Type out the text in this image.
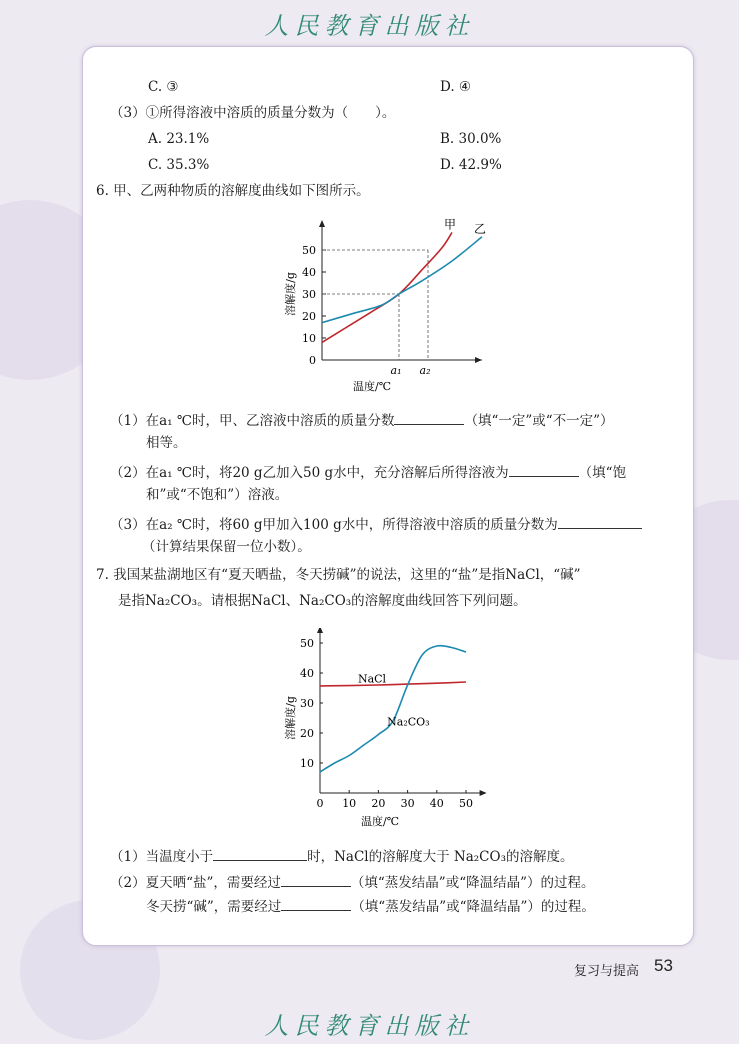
人民教育出版社
C. ③	D. ④
（3）①所得溶液中溶质的质量分数为（　　）。
A. 23.1%	B. 30.0%
C. 35.3%	D. 42.9%
6. 甲、乙两种物质的溶解度曲线如下图所示。
0
10
20
30
40
50
a₁ a₂
甲 乙
温度/℃
溶解度/g
（1）在a₁ ℃时，甲、乙溶液中溶质的质量分数	（填“一定”或“不一定”）
相等。
（2）在a₁ ℃时，将20 g乙加入50 g水中，充分溶解后所得溶液为	（填“饱
和”或“不饱和”）溶液。
（3）在a₂ ℃时，将60 g甲加入100 g水中，所得溶液中溶质的质量分数为
（计算结果保留一位小数）。
7. 我国某盐湖地区有“夏天晒盐，冬天捞碱”的说法，这里的“盐”是指NaCl，“碱”
是指Na₂CO₃。请根据NaCl、Na₂CO₃的溶解度曲线回答下列问题。
0 10 20 30 40 50
10
20
30
40
50
NaCl
Na₂CO₃
温度/℃
溶解度/g
（1）当温度小于	时，NaCl的溶解度大于 Na₂CO₃的溶解度。
（2）夏天晒“盐”，需要经过	（填“蒸发结晶”或“降温结晶”）的过程。
冬天捞“碱”，需要经过	（填“蒸发结晶”或“降温结晶”）的过程。
复习与提高 53
人民教育出版社
